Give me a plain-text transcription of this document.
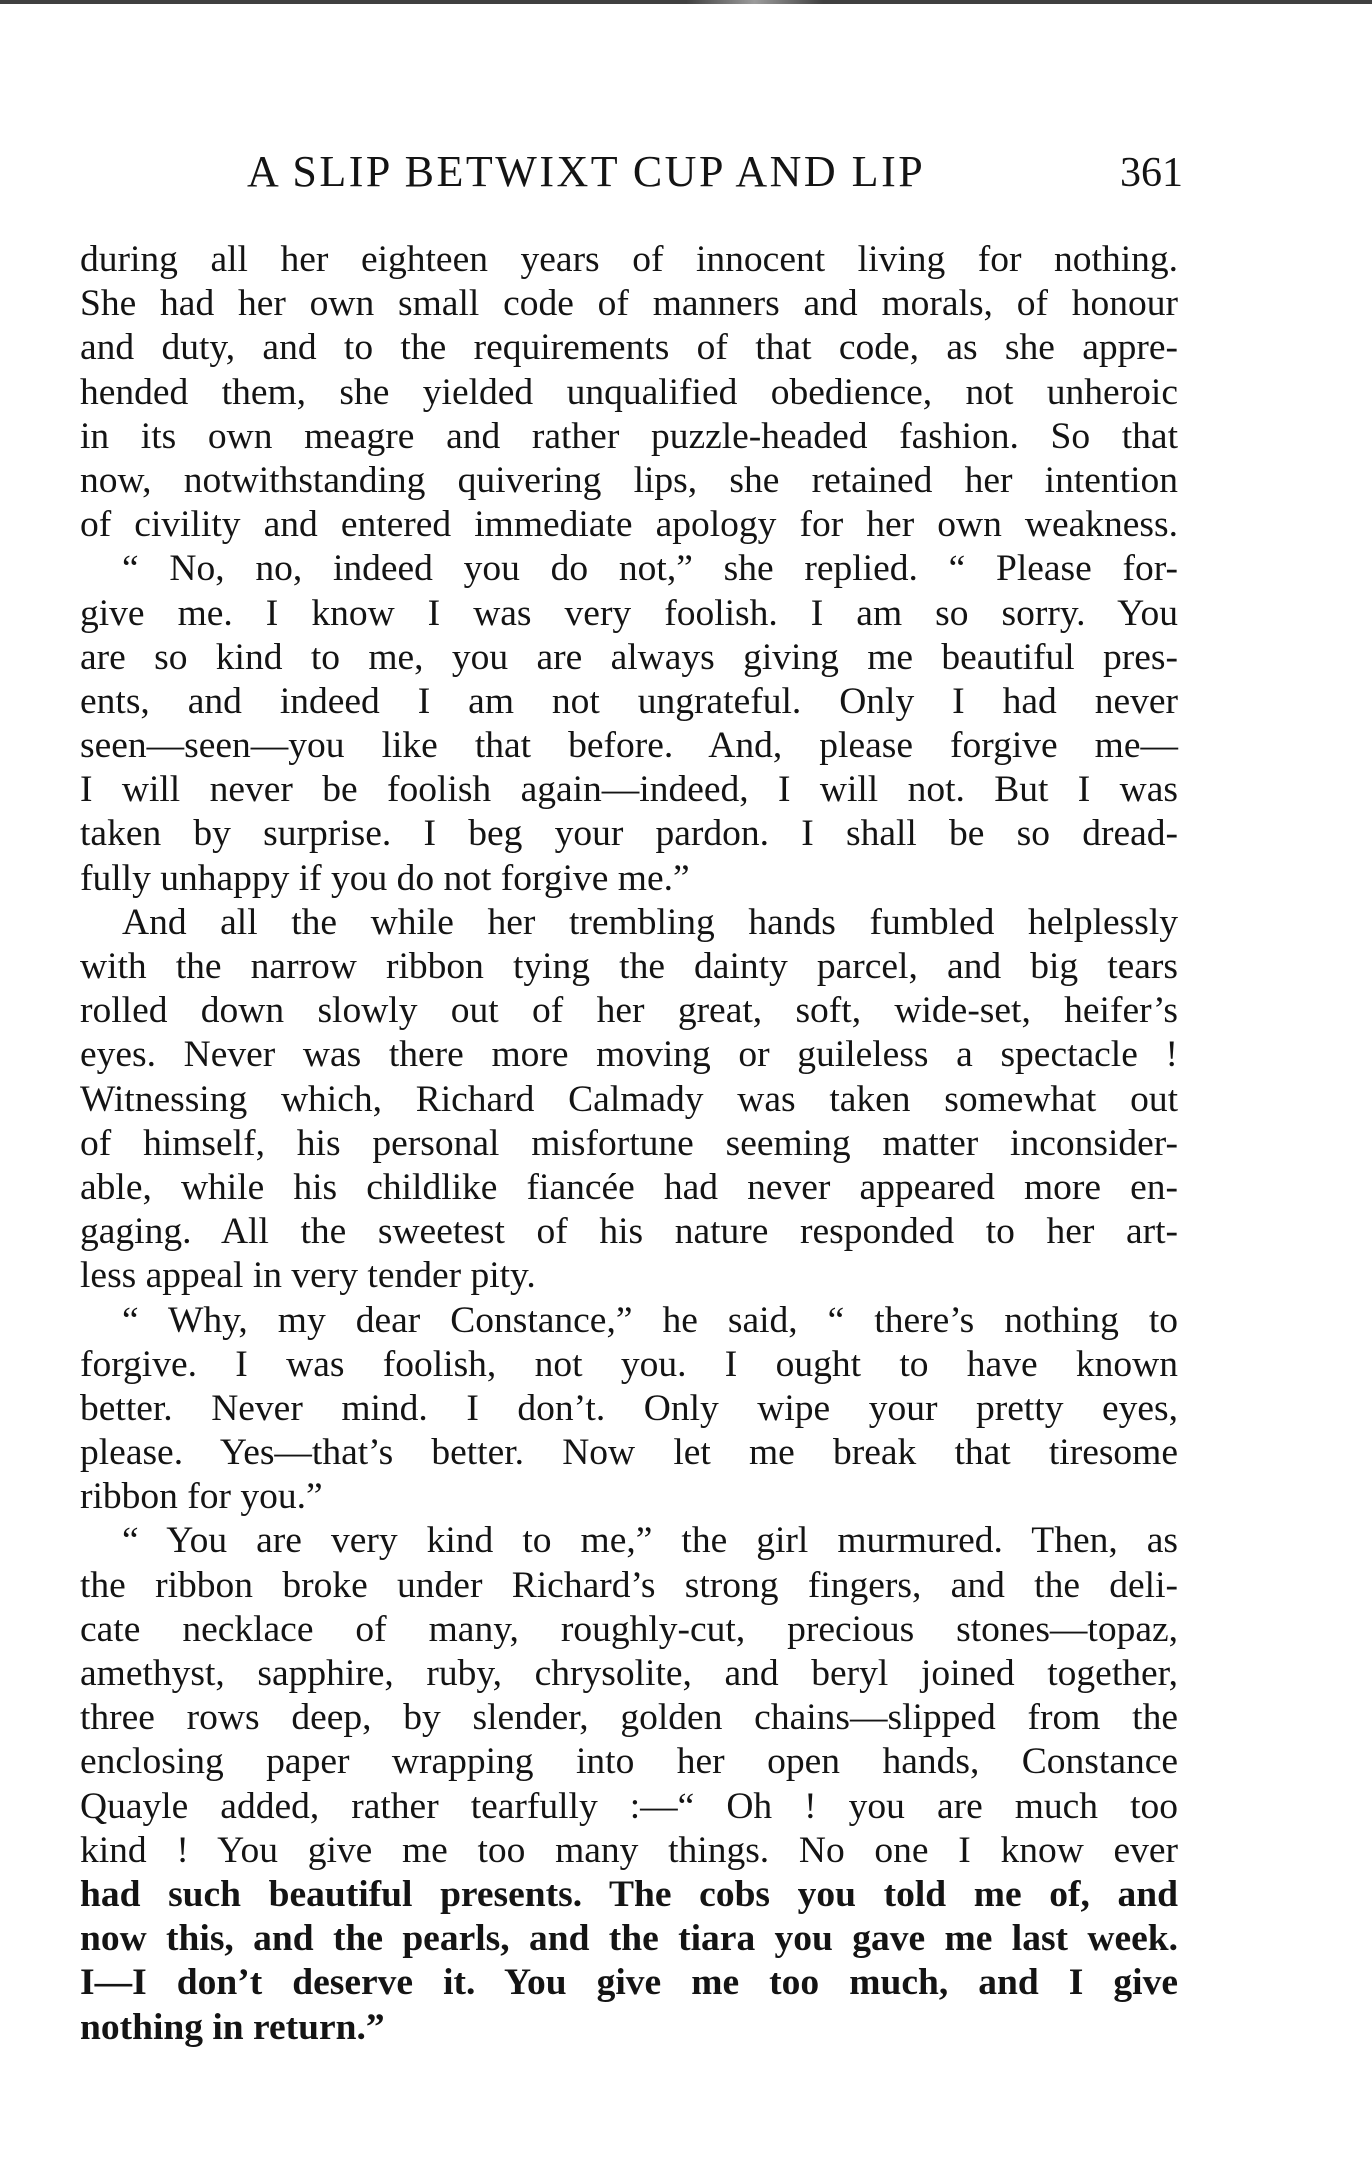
A SLIP BETWIXT CUP AND LIP	361
during all her eighteen years of innocent living for nothing.
She had her own small code of manners and morals, of honour
and duty, and to the requirements of that code, as she appre-
hended them, she yielded unqualified obedience, not unheroic
in its own meagre and rather puzzle-headed fashion. So that
now, notwithstanding quivering lips, she retained her intention
of civility and entered immediate apology for her own weakness.
“ No, no, indeed you do not,” she replied. “ Please for-
give me. I know I was very foolish. I am so sorry. You
are so kind to me, you are always giving me beautiful pres-
ents, and indeed I am not ungrateful. Only I had never
seen—seen—you like that before. And, please forgive me—
I will never be foolish again—indeed, I will not. But I was
taken by surprise. I beg your pardon. I shall be so dread-
fully unhappy if you do not forgive me.”
And all the while her trembling hands fumbled helplessly
with the narrow ribbon tying the dainty parcel, and big tears
rolled down slowly out of her great, soft, wide-set, heifer’s
eyes. Never was there more moving or guileless a spectacle !
Witnessing which, Richard Calmady was taken somewhat out
of himself, his personal misfortune seeming matter inconsider-
able, while his childlike fiancée had never appeared more en-
gaging. All the sweetest of his nature responded to her art-
less appeal in very tender pity.
“ Why, my dear Constance,” he said, “ there’s nothing to
forgive. I was foolish, not you. I ought to have known
better. Never mind. I don’t. Only wipe your pretty eyes,
please. Yes—that’s better. Now let me break that tiresome
ribbon for you.”
“ You are very kind to me,” the girl murmured. Then, as
the ribbon broke under Richard’s strong fingers, and the deli-
cate necklace of many, roughly-cut, precious stones—topaz,
amethyst, sapphire, ruby, chrysolite, and beryl joined together,
three rows deep, by slender, golden chains—slipped from the
enclosing paper wrapping into her open hands, Constance
Quayle added, rather tearfully :—“ Oh ! you are much too
kind ! You give me too many things. No one I know ever
had such beautiful presents. The cobs you told me of, and
now this, and the pearls, and the tiara you gave me last week.
I—I don’t deserve it. You give me too much, and I give
nothing in return.”
